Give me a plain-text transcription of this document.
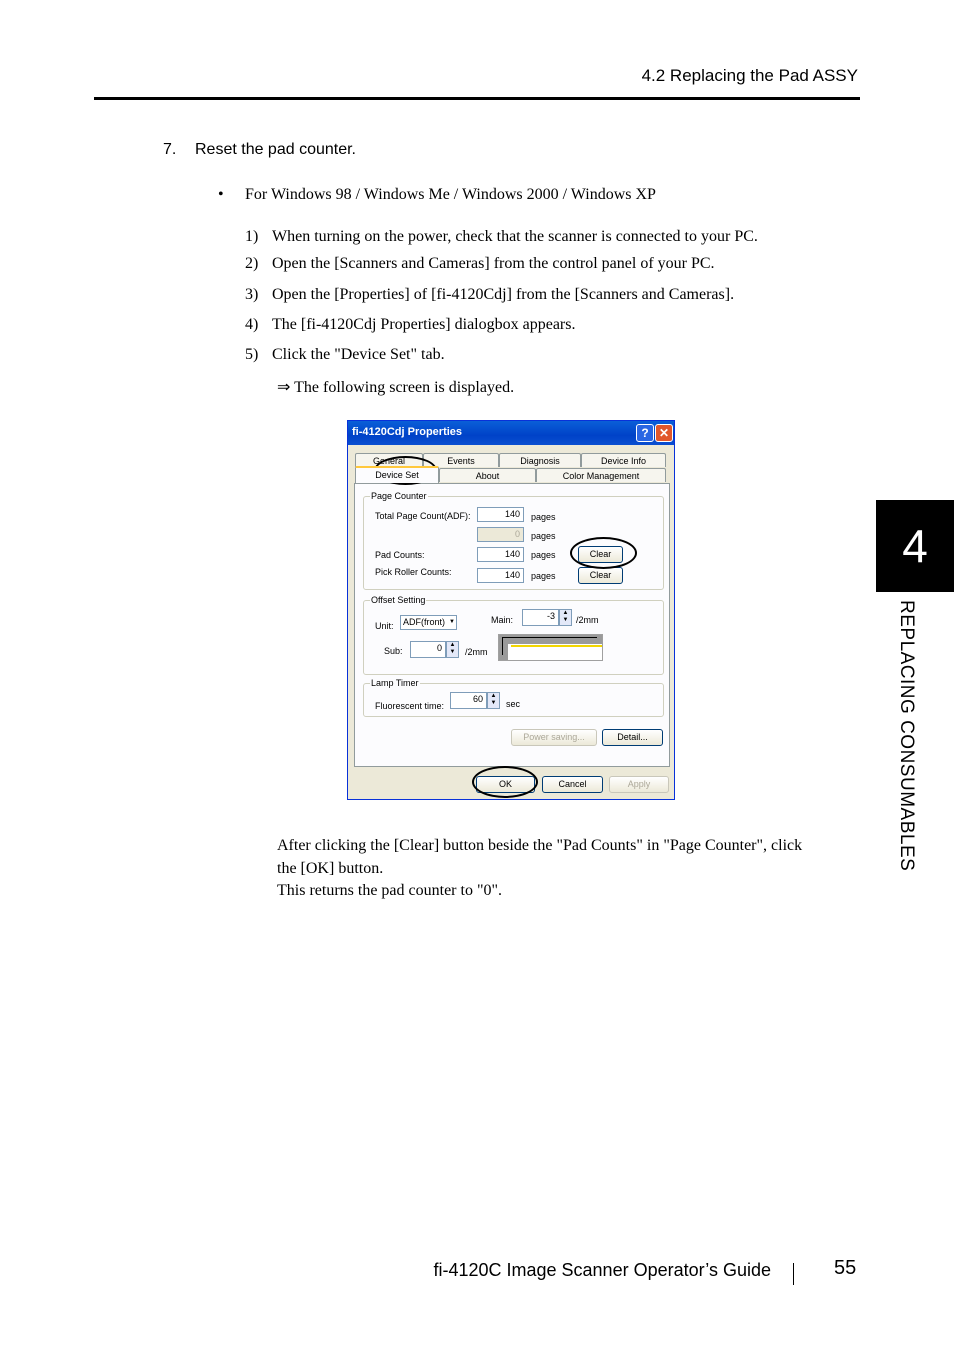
4.2 Replacing the Pad ASSY
7. Reset the pad counter.
• For Windows 98 / Windows Me / Windows 2000 / Windows XP
1) When turning on the power, check that the scanner is connected to your PC.
2) Open the [Scanners and Cameras] from the control panel of your PC.
3) Open the [Properties] of [fi-4120Cdj] from the [Scanners and Cameras].
4) The [fi-4120Cdj Properties] dialogbox appears.
5) Click the "Device Set" tab.
⇒ The following screen is displayed.
fi-4120Cdj Properties	? ✕
General	Events	Diagnosis	Device Info
Device Set	About	Color Management
Page Counter
Total Page Count(ADF):	140	pages
0	pages
Pad Counts:	140	pages	Clear
Pick Roller Counts:	140	pages	Clear
Offset Setting
Unit:	ADF(front) ▼	Main:	-3	▲
▼ /2mm
Sub:	0	▲
▼	/2mm
Lamp Timer
Fluorescent time:
60	▲
▼	sec
Power saving...	Detail...
OK	Cancel	Apply
After clicking the [Clear] button beside the "Pad Counts" in "Page Counter", click
the [OK] button.
This returns the pad counter to "0".
4
REPLACING CONSUMABLES
fi-4120C Image Scanner Operator’s Guide	55
